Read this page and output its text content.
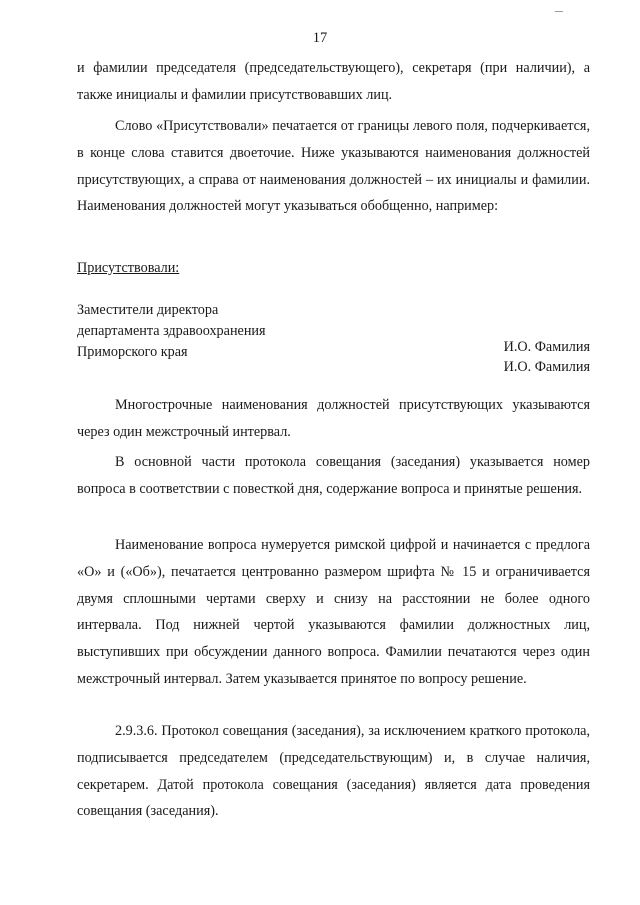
17

и фамилии председателя (председательствующего), секретаря (при наличии), а также инициалы и фамилии присутствовавших лиц.

Слово «Присутствовали» печатается от границы левого поля, подчеркивается, в конце слова ставится двоеточие. Ниже указываются наименования должностей присутствующих, а справа от наименования должностей – их инициалы и фамилии. Наименования должностей могут указываться обобщенно, например:

Присутствовали:
Заместители директора
департамента здравоохранения
Приморского края	И.О. Фамилия
И.О. Фамилия

Многострочные наименования должностей присутствующих указываются через один межстрочный интервал.

В основной части протокола совещания (заседания) указывается номер вопроса в соответствии с повесткой дня, содержание вопроса и принятые решения.

Наименование вопроса нумеруется римской цифрой и начинается с предлога «О» и («Об»), печатается центрованно размером шрифта № 15 и ограничивается двумя сплошными чертами сверху и снизу на расстоянии не более одного интервала. Под нижней чертой указываются фамилии должностных лиц, выступивших при обсуждении данного вопроса. Фамилии печатаются через один межстрочный интервал. Затем указывается принятое по вопросу решение.

2.9.3.6. Протокол совещания (заседания), за исключением краткого протокола, подписывается председателем (председательствующим) и, в случае наличия, секретарем. Датой протокола совещания (заседания) является дата проведения совещания (заседания).
